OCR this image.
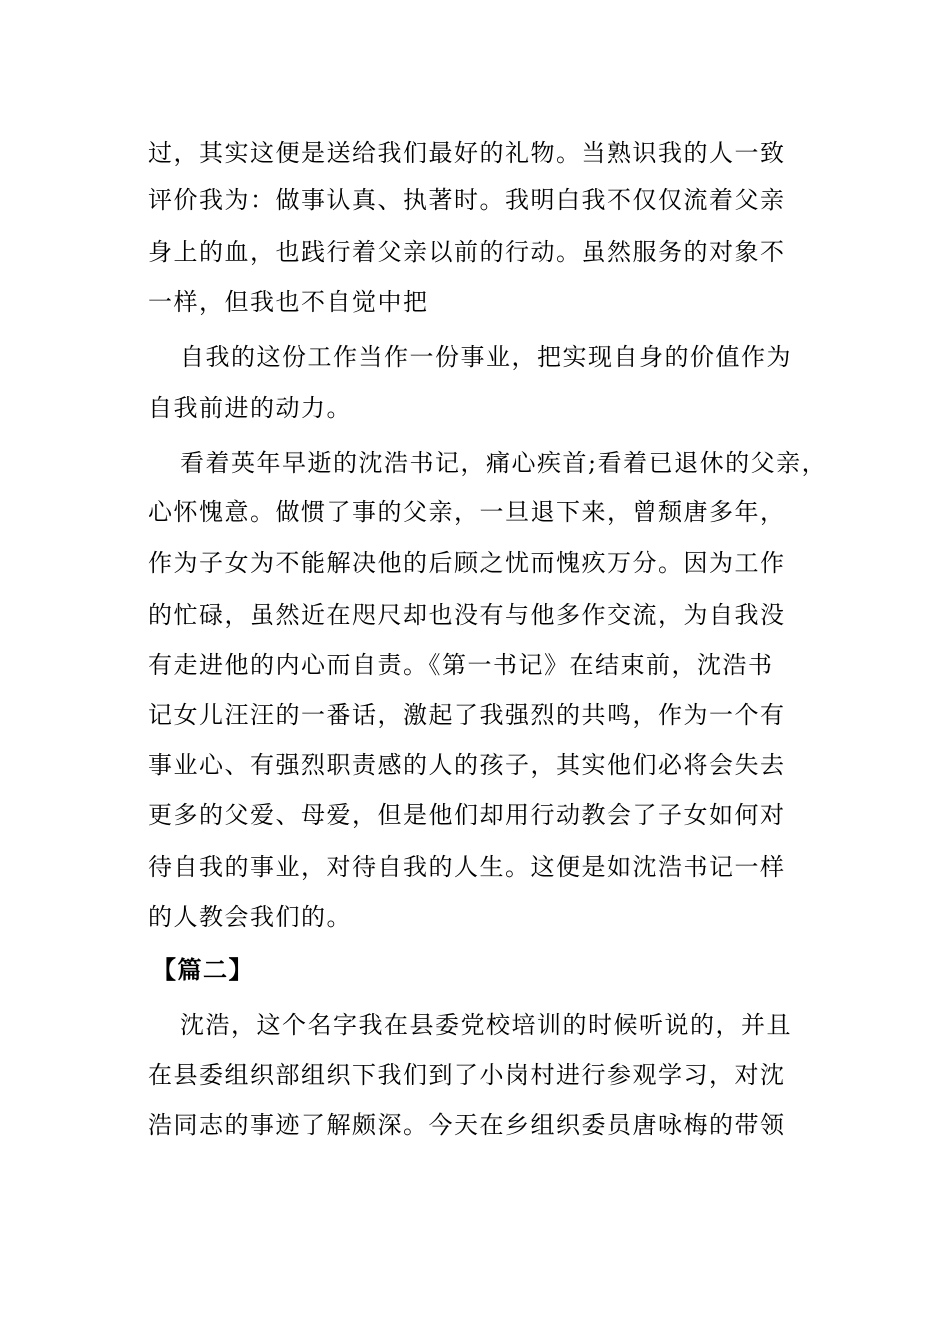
过，其实这便是送给我们最好的礼物。当熟识我的人一致
评价我为：做事认真、执著时。我明白我不仅仅流着父亲
身上的血，也践行着父亲以前的行动。虽然服务的对象不
一样，但我也不自觉中把
自我的这份工作当作一份事业，把实现自身的价值作为
自我前进的动力。
看着英年早逝的沈浩书记，痛心疾首;看着已退休的父亲，
心怀愧意。做惯了事的父亲，一旦退下来，曾颓唐多年，
作为子女为不能解决他的后顾之忧而愧疚万分。因为工作
的忙碌，虽然近在咫尺却也没有与他多作交流，为自我没
有走进他的内心而自责。《第一书记》在结束前，沈浩书
记女儿汪汪的一番话，激起了我强烈的共鸣，作为一个有
事业心、有强烈职责感的人的孩子，其实他们必将会失去
更多的父爱、母爱，但是他们却用行动教会了子女如何对
待自我的事业，对待自我的人生。这便是如沈浩书记一样
的人教会我们的。
【篇二】
沈浩，这个名字我在县委党校培训的时候听说的，并且
在县委组织部组织下我们到了小岗村进行参观学习，对沈
浩同志的事迹了解颇深。今天在乡组织委员唐咏梅的带领
